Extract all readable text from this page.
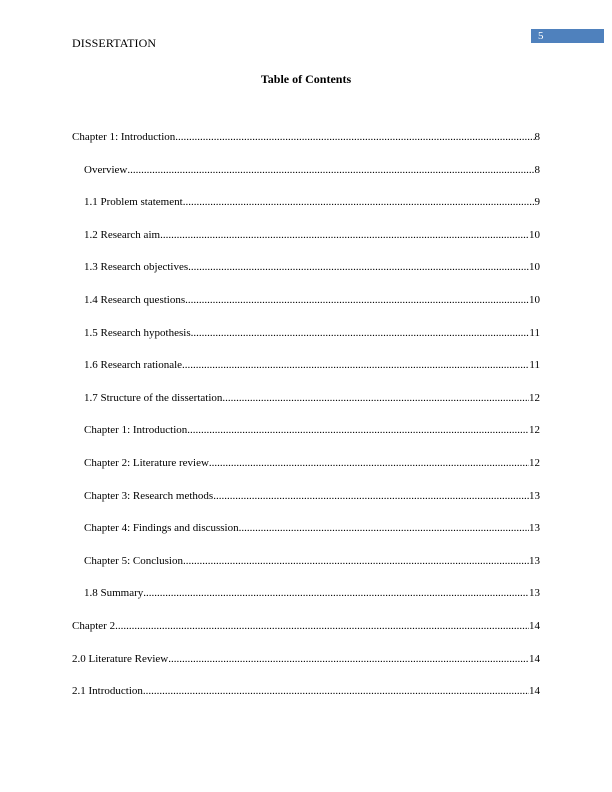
5
DISSERTATION
Table of Contents
Chapter 1: Introduction .....	8
Overview .....	8
1.1 Problem statement .....	9
1.2 Research aim .....	10
1.3 Research objectives .....	10
1.4 Research questions .....	10
1.5 Research hypothesis .....	11
1.6 Research rationale .....	11
1.7 Structure of the dissertation .....	12
Chapter 1: Introduction .....	12
Chapter 2: Literature review .....	12
Chapter 3: Research methods .....	13
Chapter 4: Findings and discussion .....	13
Chapter 5: Conclusion .....	13
1.8 Summary .....	13
Chapter 2 .....	14
2.0 Literature Review .....	14
2.1 Introduction .....	14
